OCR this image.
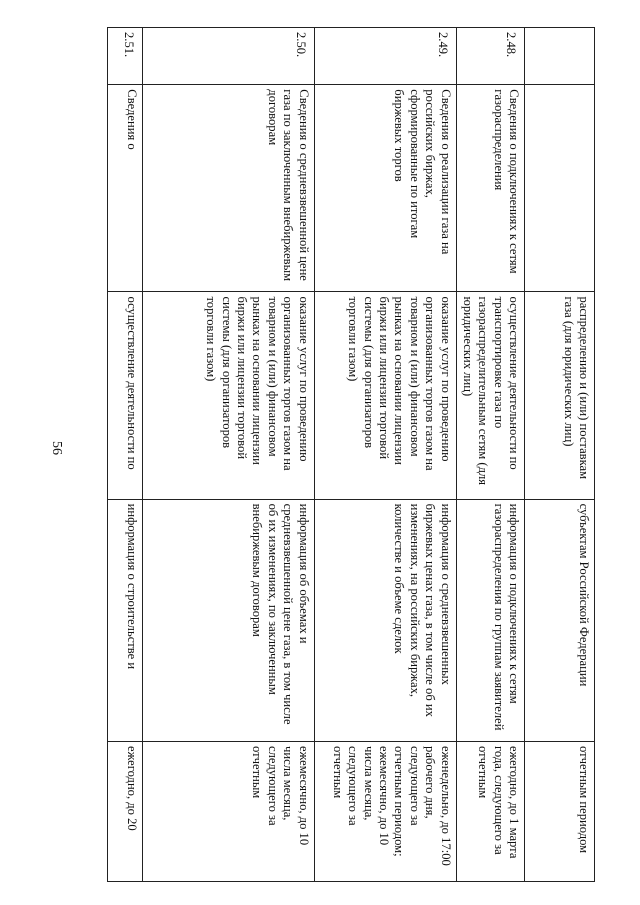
56
			распределению и (или) поставкам газа (для юридических лиц)	субъектам Российской Федерации	отчетным периодом
2.48.	Сведения о подключениях к сетям газораспределения	осуществление деятельности по транспортировке газа по газораспределительным сетям (для юридических лиц)	информация о подключениях к сетям газораспределения по группам заявителей	ежегодно, до 1 марта года, следующего за отчетным
2.49.	Сведения о реализации газа на российских биржах, сформированные по итогам биржевых торгов	оказание услуг по проведению организованных торгов газом на товарном и (или) финансовом рынках на основании лицензии биржи или лицензии торговой системы (для организаторов торговли газом)	информация о средневзвешенных биржевых ценах газа, в том числе об их изменениях, на российских биржах, количестве и объеме сделок	еженедельно, до 17:00 рабочего дня, следующего за отчетным периодом; ежемесячно, до 10 числа месяца, следующего за отчетным
2.50.	Сведения о средневзвешенной цене газа по заключенным внебиржевым договорам	оказание услуг по проведению организованных торгов газом на товарном и (или) финансовом рынках на основании лицензии биржи или лицензии торговой системы (для организаторов торговли газом)	информация об объемах и средневзвешенной цене газа, в том числе об их изменениях, по заключенным внебиржевым договорам	ежемесячно, до 10 числа месяца, следующего за отчетным
2.51.	Сведения о	осуществление деятельности по	информация о строительстве и	ежегодно, до 20
